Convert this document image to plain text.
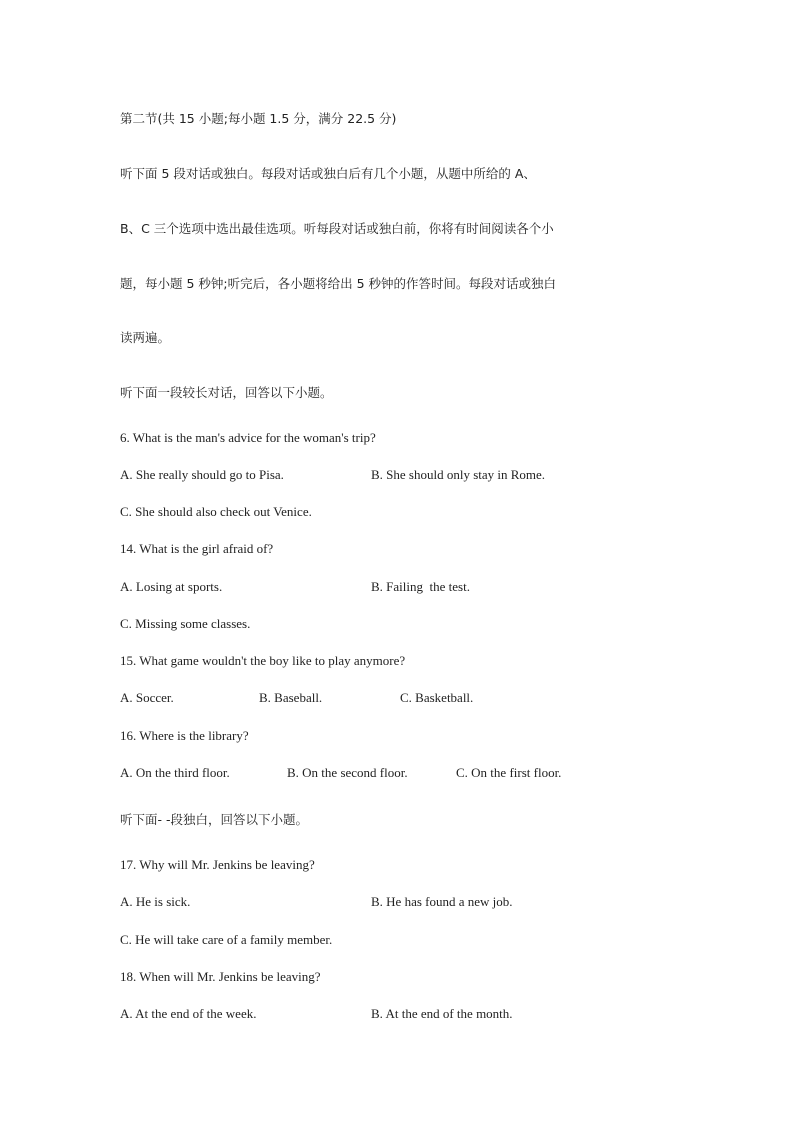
第二节(共 15 小题;每小题 1.5 分，满分 22.5 分)
听下面 5 段对话或独白。每段对话或独白后有几个小题，从题中所给的 A、
B、C 三个选项中选出最佳选项。听每段对话或独白前，你将有时间阅读各个小
题，每小题 5 秒钟;听完后，各小题将给出 5 秒钟的作答时间。每段对话或独白
读两遍。
听下面一段较长对话，回答以下小题。
6. What is the man's advice for the woman's trip?
A. She really should go to Pisa.	B. She should only stay in Rome.
C. She should also check out Venice.
14. What is the girl afraid of?
A. Losing at sports.	B. Failing  the test.
C. Missing some classes.
15. What game wouldn't the boy like to play anymore?
A. Soccer.	B. Baseball.	C. Basketball.
16. Where is the library?
A. On the third floor.	B. On the second floor.	C. On the first floor.
听下面- -段独白，回答以下小题。
17. Why will Mr. Jenkins be leaving?
A. He is sick.	B. He has found a new job.
C. He will take care of a family member.
18. When will Mr. Jenkins be leaving?
A. At the end of the week.	B. At the end of the month.
